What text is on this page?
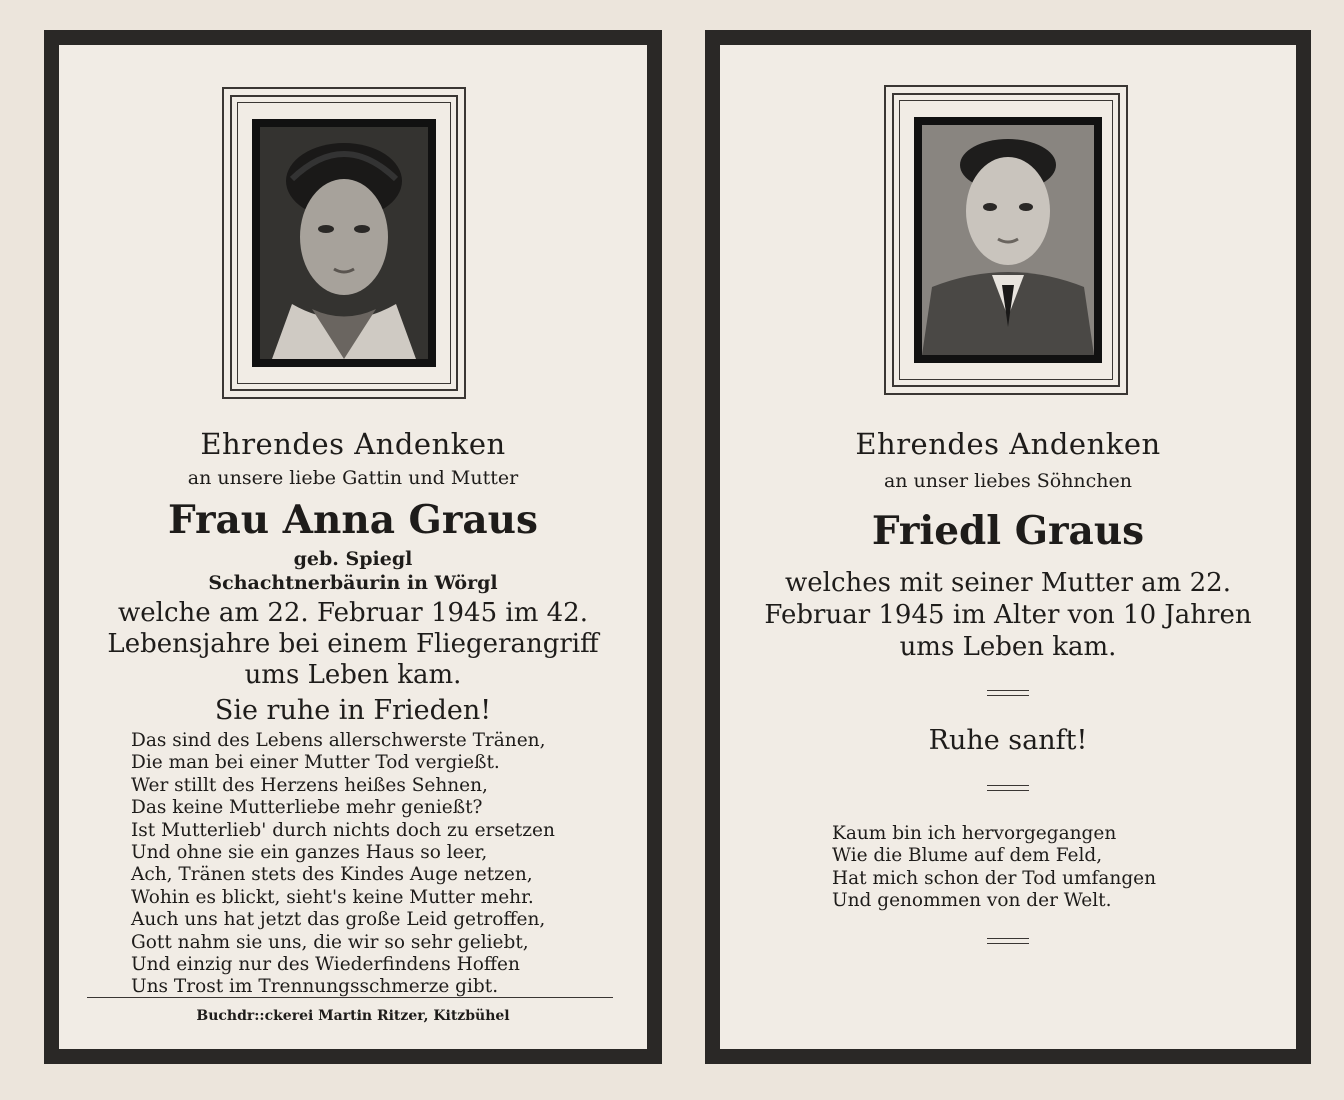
Ehrendes Andenken
an unsere liebe Gattin und Mutter
Frau Anna Graus
geb. Spiegl
Schachtnerbäurin in Wörgl
welche am 22. Februar 1945 im 42.
Lebensjahre bei einem Fliegerangriff
ums Leben kam.
Sie ruhe in Frieden!
Das sind des Lebens allerschwerste Tränen,
Die man bei einer Mutter Tod vergießt.
Wer stillt des Herzens heißes Sehnen,
Das keine Mutterliebe mehr genießt?
Ist Mutterlieb' durch nichts doch zu ersetzen
Und ohne sie ein ganzes Haus so leer,
Ach, Tränen stets des Kindes Auge netzen,
Wohin es blickt, sieht's keine Mutter mehr.
Auch uns hat jetzt das große Leid getroffen,
Gott nahm sie uns, die wir so sehr geliebt,
Und einzig nur des Wiederfindens Hoffen
Uns Trost im Trennungsschmerze gibt.
Buchdr::ckerei Martin Ritzer, Kitzbühel
Ehrendes Andenken
an unser liebes Söhnchen
Friedl Graus
welches mit seiner Mutter am 22.
Februar 1945 im Alter von 10 Jahren
ums Leben kam.
Ruhe sanft!
Kaum bin ich hervorgegangen
Wie die Blume auf dem Feld,
Hat mich schon der Tod umfangen
Und genommen von der Welt.
